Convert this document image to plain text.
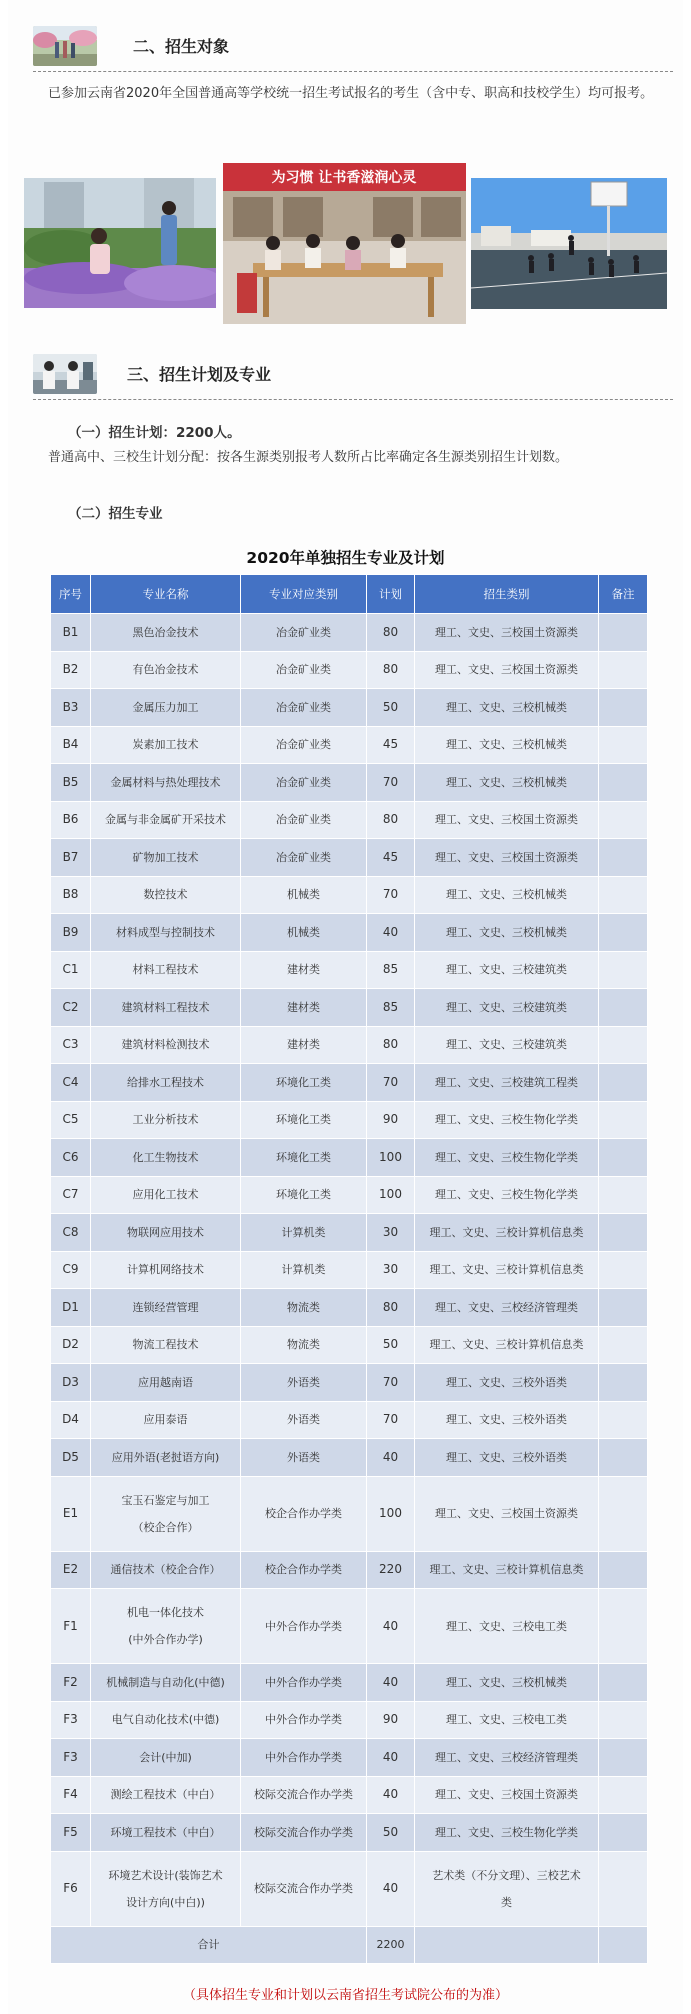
二、招生对象
已参加云南省2020年全国普通高等学校统一招生考试报名的考生（含中专、职高和技校学生）均可报考。
为习惯 让书香滋润心灵
三、招生计划及专业
（一）招生计划：2200人。
普通高中、三校生计划分配：按各生源类别报考人数所占比率确定各生源类别招生计划数。
（二）招生专业
2020年单独招生专业及计划
序号	专业名称	专业对应类别	计划	招生类别	备注
B1	黑色冶金技术	冶金矿业类	80	理工、文史、三校国土资源类	
B2	有色冶金技术	冶金矿业类	80	理工、文史、三校国土资源类	
B3	金属压力加工	冶金矿业类	50	理工、文史、三校机械类	
B4	炭素加工技术	冶金矿业类	45	理工、文史、三校机械类	
B5	金属材料与热处理技术	冶金矿业类	70	理工、文史、三校机械类	
B6	金属与非金属矿开采技术	冶金矿业类	80	理工、文史、三校国土资源类	
B7	矿物加工技术	冶金矿业类	45	理工、文史、三校国土资源类	
B8	数控技术	机械类	70	理工、文史、三校机械类	
B9	材料成型与控制技术	机械类	40	理工、文史、三校机械类	
C1	材料工程技术	建材类	85	理工、文史、三校建筑类	
C2	建筑材料工程技术	建材类	85	理工、文史、三校建筑类	
C3	建筑材料检测技术	建材类	80	理工、文史、三校建筑类	
C4	给排水工程技术	环境化工类	70	理工、文史、三校建筑工程类	
C5	工业分析技术	环境化工类	90	理工、文史、三校生物化学类	
C6	化工生物技术	环境化工类	100	理工、文史、三校生物化学类	
C7	应用化工技术	环境化工类	100	理工、文史、三校生物化学类	
C8	物联网应用技术	计算机类	30	理工、文史、三校计算机信息类	
C9	计算机网络技术	计算机类	30	理工、文史、三校计算机信息类	
D1	连锁经营管理	物流类	80	理工、文史、三校经济管理类	
D2	物流工程技术	物流类	50	理工、文史、三校计算机信息类	
D3	应用越南语	外语类	70	理工、文史、三校外语类	
D4	应用泰语	外语类	70	理工、文史、三校外语类	
D5	应用外语(老挝语方向)	外语类	40	理工、文史、三校外语类	
E1	宝玉石鉴定与加工
（校企合作）	校企合作办学类	100	理工、文史、三校国土资源类	
E2	通信技术（校企合作）	校企合作办学类	220	理工、文史、三校计算机信息类	
F1	机电一体化技术
(中外合作办学)	中外合作办学类	40	理工、文史、三校电工类	
F2	机械制造与自动化(中德)	中外合作办学类	40	理工、文史、三校机械类	
F3	电气自动化技术(中德)	中外合作办学类	90	理工、文史、三校电工类	
F3	会计(中加)	中外合作办学类	40	理工、文史、三校经济管理类	
F4	测绘工程技术（中白）	校际交流合作办学类	40	理工、文史、三校国土资源类	
F5	环境工程技术（中白）	校际交流合作办学类	50	理工、文史、三校生物化学类	
F6	环境艺术设计(装饰艺术
设计方向(中白))	校际交流合作办学类	40	艺术类（不分文理）、三校艺术
类	
合计			2200		
（具体招生专业和计划以云南省招生考试院公布的为准）
